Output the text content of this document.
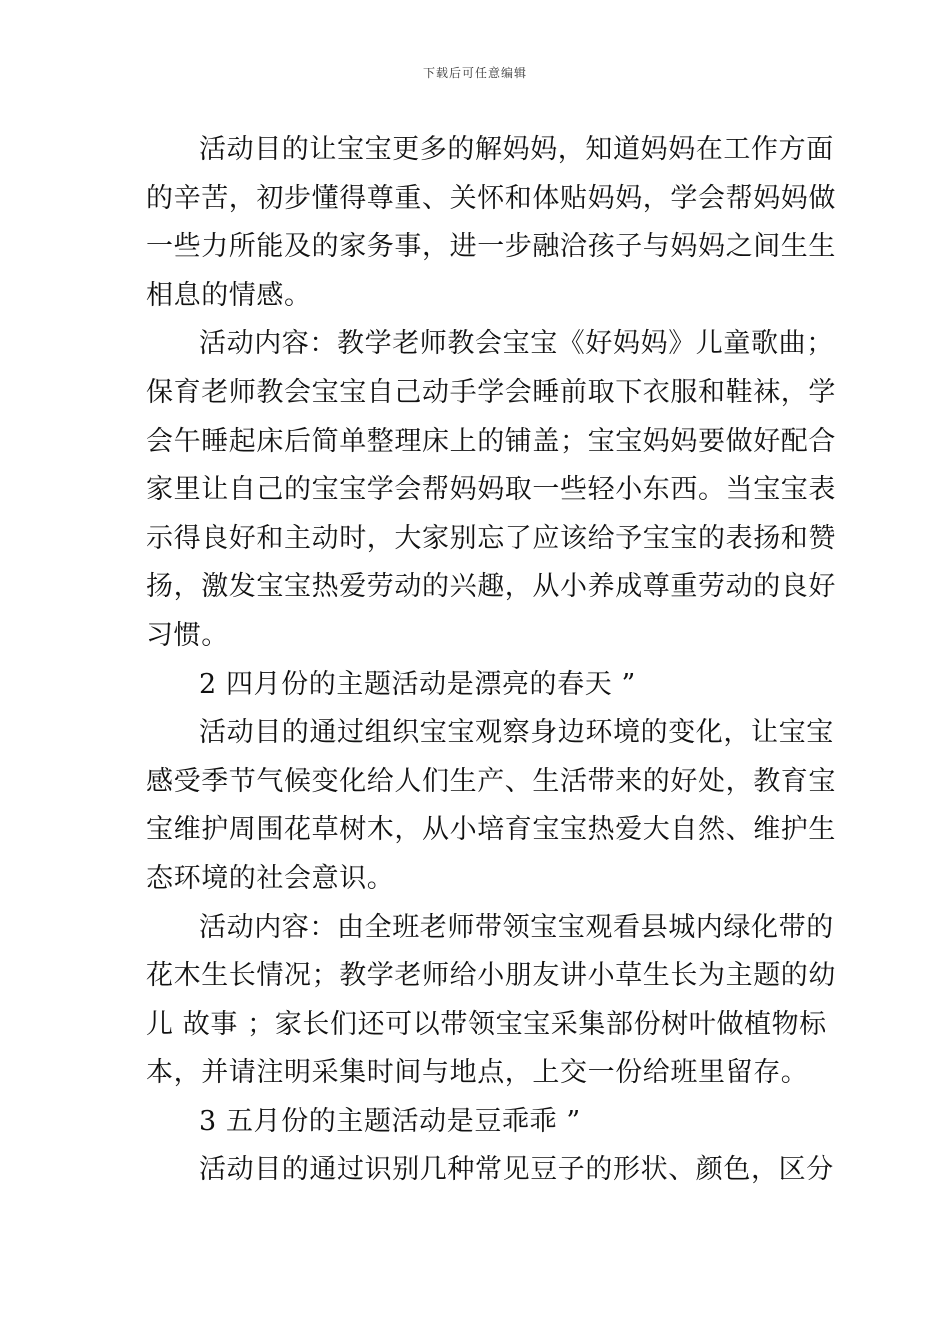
下载后可任意编辑
活动目的让宝宝更多的解妈妈，知道妈妈在工作方面
的辛苦，初步懂得尊重、关怀和体贴妈妈，学会帮妈妈做
一些力所能及的家务事，进一步融洽孩子与妈妈之间生生
相息的情感。
活动内容：教学老师教会宝宝《好妈妈》儿童歌曲；
保育老师教会宝宝自己动手学会睡前取下衣服和鞋袜，学
会午睡起床后简单整理床上的铺盖；宝宝妈妈要做好配合
家里让自己的宝宝学会帮妈妈取一些轻小东西。当宝宝表
示得良好和主动时，大家别忘了应该给予宝宝的表扬和赞
扬，激发宝宝热爱劳动的兴趣，从小养成尊重劳动的良好
习惯。
2 四月份的主题活动是漂亮的春天 ”
活动目的通过组织宝宝观察身边环境的变化，让宝宝
感受季节气候变化给人们生产、生活带来的好处，教育宝
宝维护周围花草树木，从小培育宝宝热爱大自然、维护生
态环境的社会意识。
活动内容：由全班老师带领宝宝观看县城内绿化带的
花木生长情况；教学老师给小朋友讲小草生长为主题的幼
儿 故事 ；家长们还可以带领宝宝采集部份树叶做植物标
本，并请注明采集时间与地点，上交一份给班里留存。
3 五月份的主题活动是豆乖乖 ”
活动目的通过识别几种常见豆子的形状、颜色，区分
